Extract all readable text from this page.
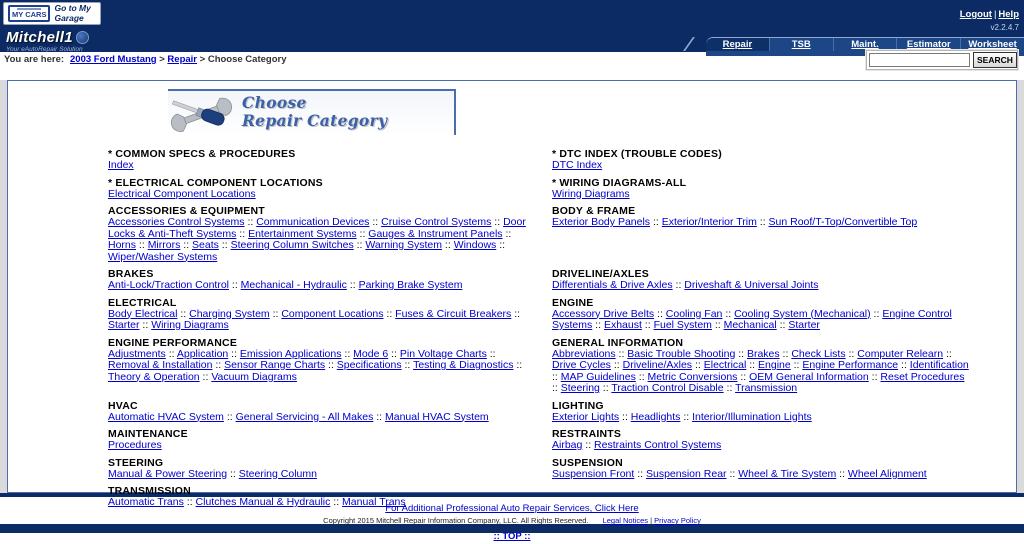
MY CARS
Go to My Garage	Logout | Help
v2.2.4.7
Mitchell1
Your eAutoRepair Solution	Repair	TSB	Maint.	Estimator	Worksheet
You are here: 2003 Ford Mustang > Repair > Choose Category	SEARCH
Choose
Repair Category
* COMMON SPECS & PROCEDURES
Index
* DTC INDEX (TROUBLE CODES)
DTC Index
* ELECTRICAL COMPONENT LOCATIONS
Electrical Component Locations
* WIRING DIAGRAMS-ALL
Wiring Diagrams
ACCESSORIES & EQUIPMENT
Accessories Control Systems :: Communication Devices :: Cruise Control Systems :: Door Locks & Anti-Theft Systems :: Entertainment Systems :: Gauges & Instrument Panels :: Horns :: Mirrors :: Seats :: Steering Column Switches :: Warning System :: Windows :: Wiper/Washer Systems
BODY & FRAME
Exterior Body Panels :: Exterior/Interior Trim :: Sun Roof/T-Top/Convertible Top
BRAKES
Anti-Lock/Traction Control :: Mechanical - Hydraulic :: Parking Brake System
DRIVELINE/AXLES
Differentials & Drive Axles :: Driveshaft & Universal Joints
ELECTRICAL
Body Electrical :: Charging System :: Component Locations :: Fuses & Circuit Breakers :: Starter :: Wiring Diagrams
ENGINE
Accessory Drive Belts :: Cooling Fan :: Cooling System (Mechanical) :: Engine Control Systems :: Exhaust :: Fuel System :: Mechanical :: Starter
ENGINE PERFORMANCE
Adjustments :: Application :: Emission Applications :: Mode 6 :: Pin Voltage Charts :: Removal & Installation :: Sensor Range Charts :: Specifications :: Testing & Diagnostics :: Theory & Operation :: Vacuum Diagrams
GENERAL INFORMATION
Abbreviations :: Basic Trouble Shooting :: Brakes :: Check Lists :: Computer Relearn :: Drive Cycles :: Driveline/Axles :: Electrical :: Engine :: Engine Performance :: Identification :: MAP Guidelines :: Metric Conversions :: OEM General Information :: Reset Procedures :: Steering :: Traction Control Disable :: Transmission
HVAC
Automatic HVAC System :: General Servicing - All Makes :: Manual HVAC System
LIGHTING
Exterior Lights :: Headlights :: Interior/Illumination Lights
MAINTENANCE
Procedures
RESTRAINTS
Airbag :: Restraints Control Systems
STEERING
Manual & Power Steering :: Steering Column
SUSPENSION
Suspension Front :: Suspension Rear :: Wheel & Tire System :: Wheel Alignment
TRANSMISSION
Automatic Trans :: Clutches Manual & Hydraulic :: Manual Trans
For Additional Professional Auto Repair Services, Click Here
Copyright 2015 Mitchell Repair Information Company, LLC. All Rights Reserved. Legal Notices | Privacy Policy
:: TOP ::
